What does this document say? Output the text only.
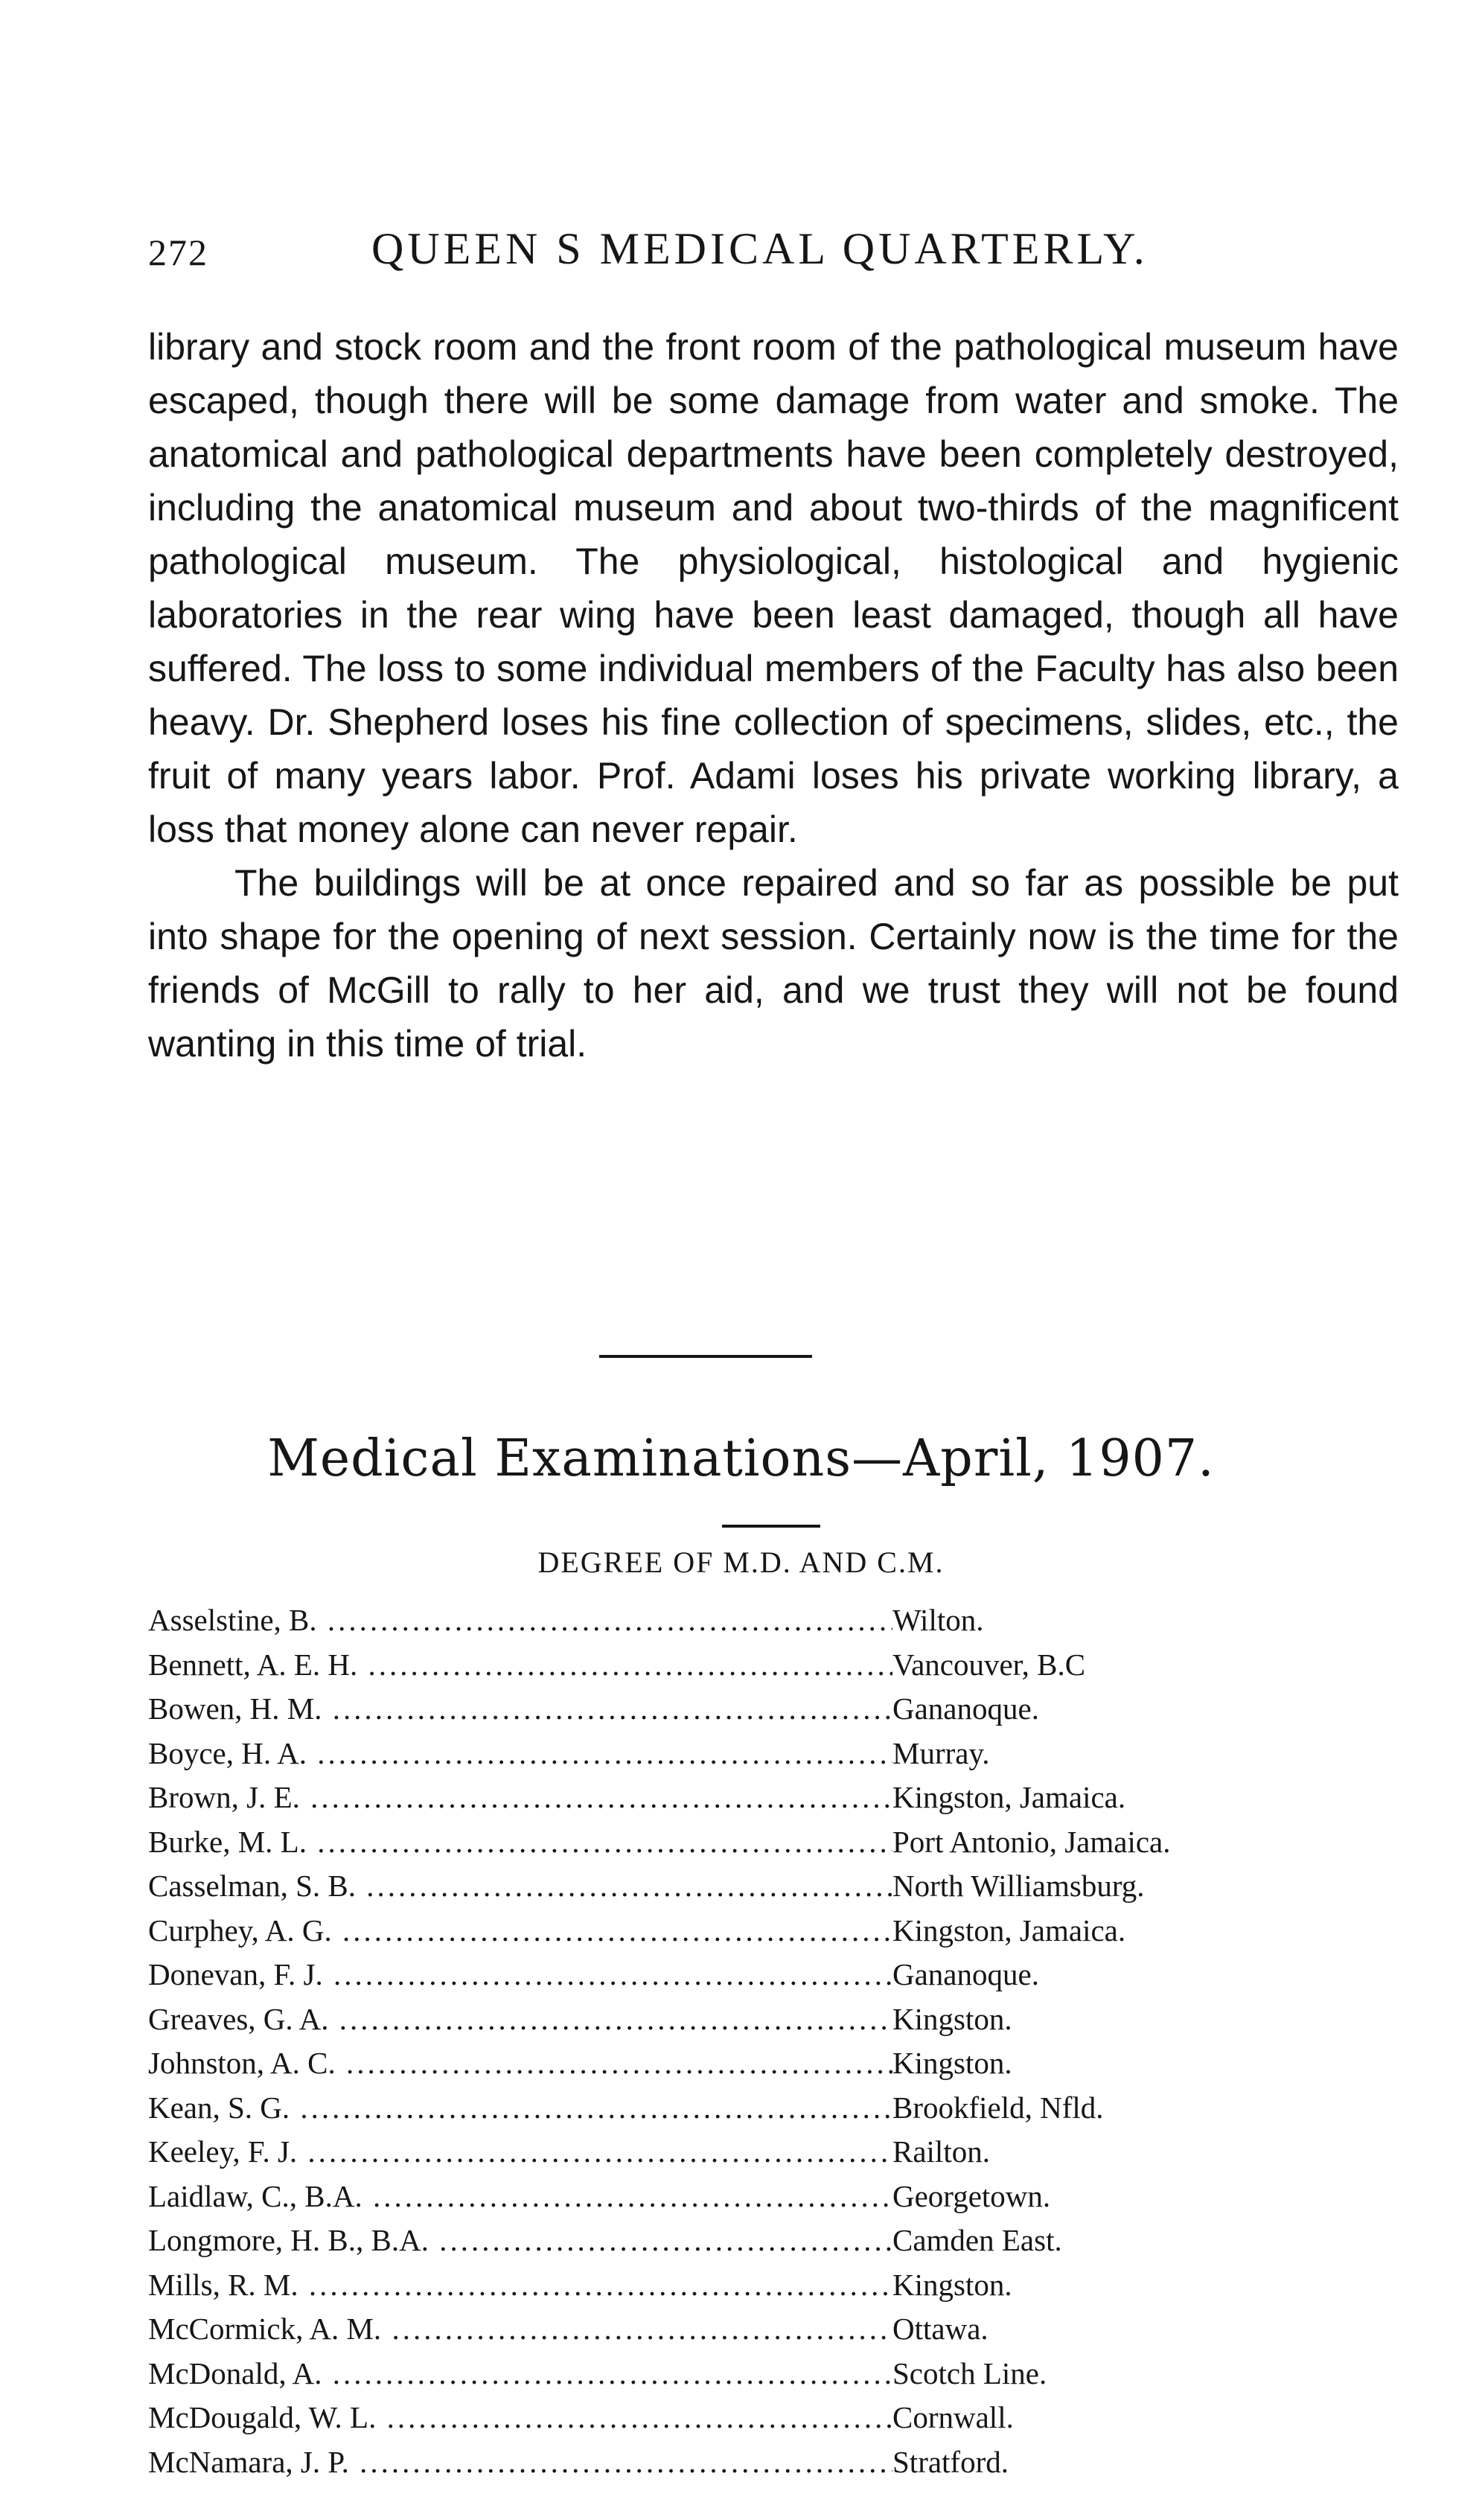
272	QUEEN S MEDICAL QUARTERLY.

library and stock room and the front room of the pathological museum have escaped, though there will be some damage from water and smoke. The anatomical and pathological departments have been completely destroyed, including the anatomical museum and about two-thirds of the magnificent pathological museum. The physiological, histological and hygienic laboratories in the rear wing have been least damaged, though all have suffered. The loss to some individual members of the Faculty has also been heavy. Dr. Shepherd loses his fine collection of specimens, slides, etc., the fruit of many years labor. Prof. Adami loses his private working library, a loss that money alone can never repair.

The buildings will be at once repaired and so far as possible be put into shape for the opening of next session. Certainly now is the time for the friends of McGill to rally to her aid, and we trust they will not be found wanting in this time of trial.

Medical Examinations—April, 1907.
DEGREE OF M.D. AND C.M.
Asselstine, B. .....	Wilton.
Bennett, A. E. H. .....	Vancouver, B.C
Bowen, H. M. .....	Gananoque.
Boyce, H. A. .....	Murray.
Brown, J. E. .....	Kingston, Jamaica.
Burke, M. L. .....	Port Antonio, Jamaica.
Casselman, S. B. .....	North Williamsburg.
Curphey, A. G. .....	Kingston, Jamaica.
Donevan, F. J. .....	Gananoque.
Greaves, G. A. .....	Kingston.
Johnston, A. C. .....	Kingston.
Kean, S. G. .....	Brookfield, Nfld.
Keeley, F. J. .....	Railton.
Laidlaw, C., B.A. .....	Georgetown.
Longmore, H. B., B.A. .....	Camden East.
Mills, R. M. .....	Kingston.
McCormick, A. M. .....	Ottawa.
McDonald, A. .....	Scotch Line.
McDougald, W. L. .....	Cornwall.
McNamara, J. P. .....	Stratford.
